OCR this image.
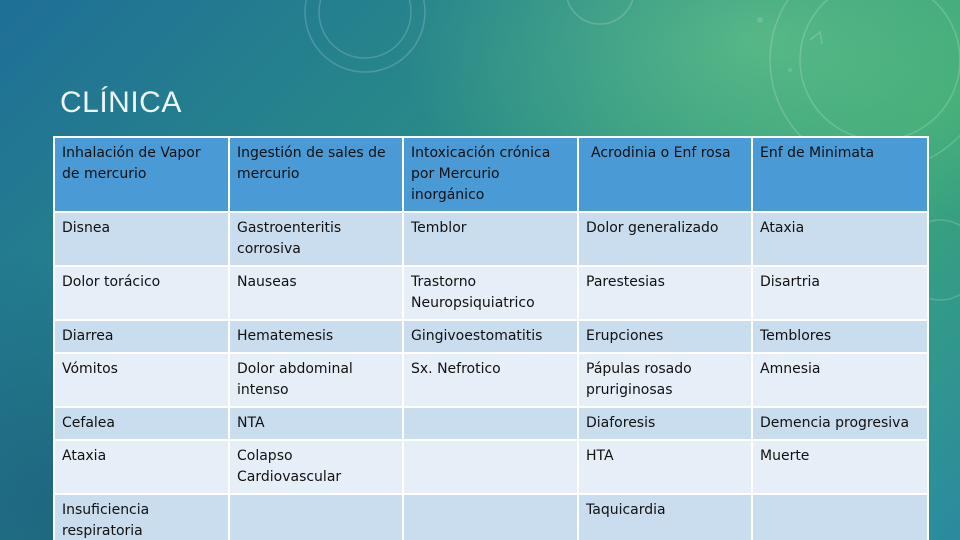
CLÍNICA
Inhalación de Vapor de mercurio	Ingestión de sales de mercurio	Intoxicación crónica por Mercurio inorgánico	Acrodinia o Enf rosa	Enf de Minimata
Disnea	Gastroenteritis corrosiva	Temblor	Dolor generalizado	Ataxia
Dolor torácico	Nauseas	Trastorno Neuropsiquiatrico	Parestesias	Disartria
Diarrea	Hematemesis	Gingivoestomatitis	Erupciones	Temblores
Vómitos	Dolor abdominal intenso	Sx. Nefrotico	Pápulas rosado pruriginosas	Amnesia
Cefalea	NTA		Diaforesis	Demencia progresiva
Ataxia	Colapso Cardiovascular		HTA	Muerte
Insuficiencia respiratoria			Taquicardia	
